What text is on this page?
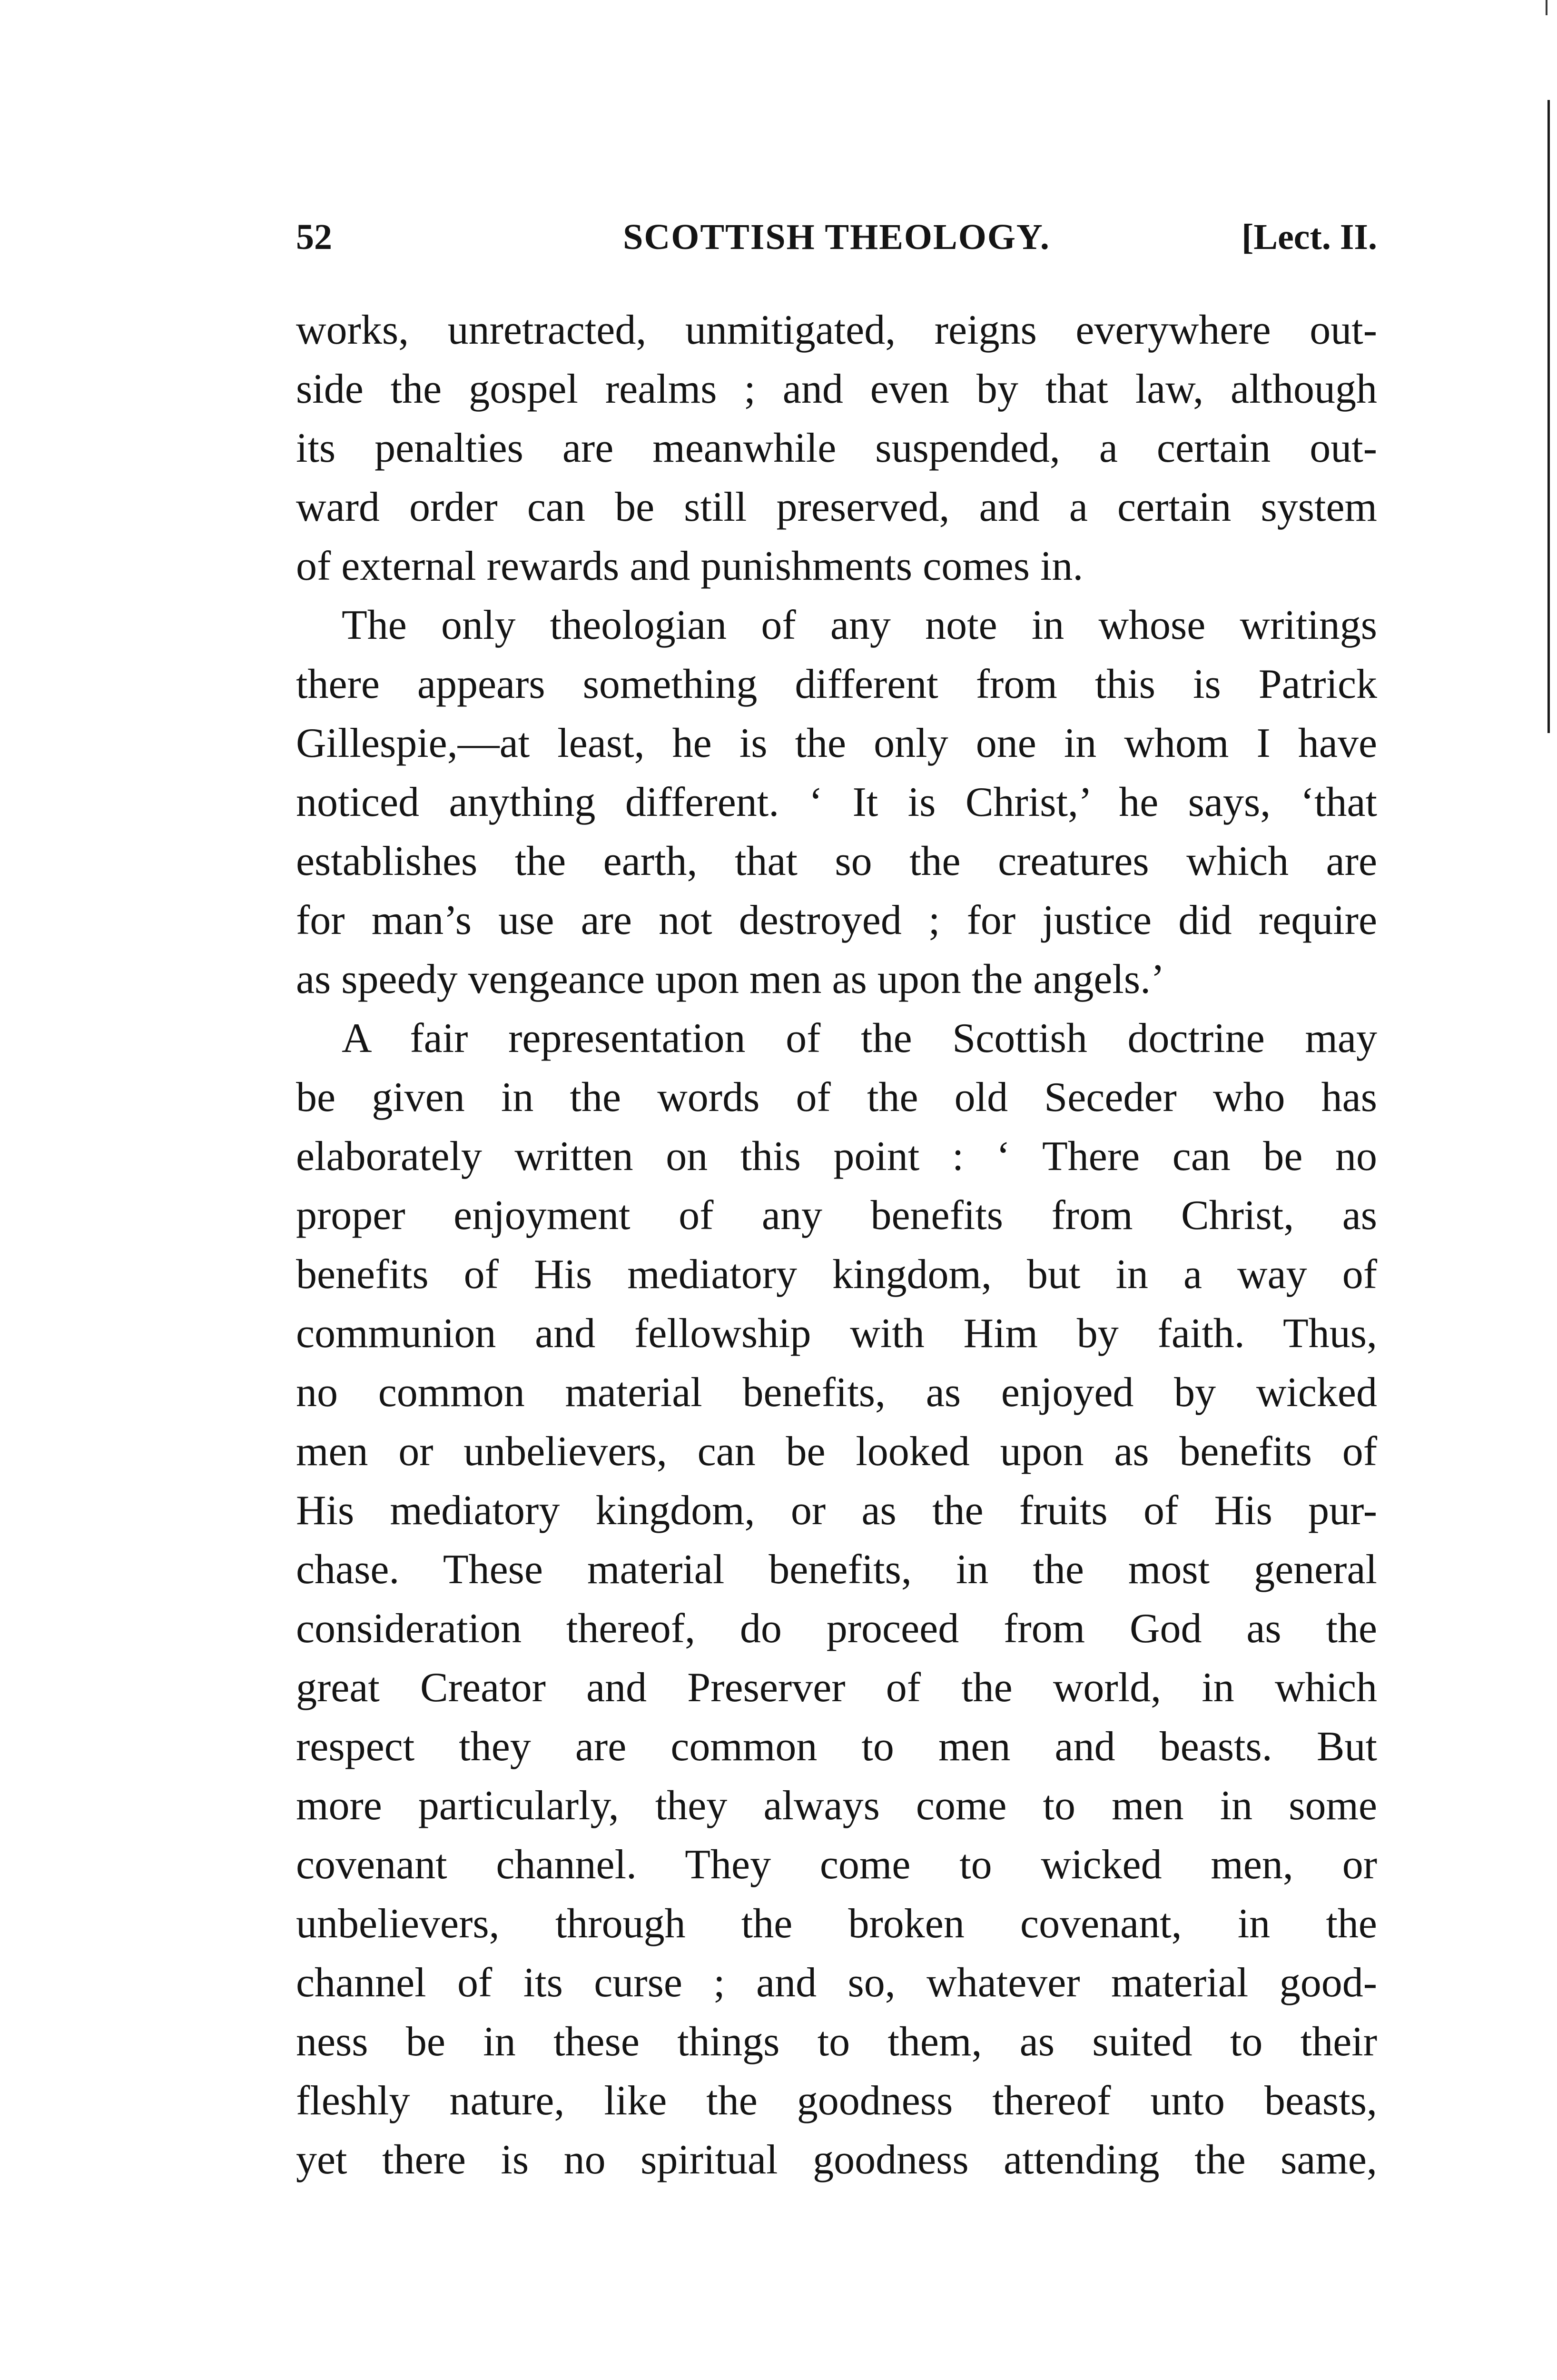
52	SCOTTISH THEOLOGY.	[Lect. II.
works, unretracted, unmitigated, reigns everywhere out-
side the gospel realms ; and even by that law, although
its penalties are meanwhile suspended, a certain out-
ward order can be still preserved, and a certain system
of external rewards and punishments comes in.
The only theologian of any note in whose writings
there appears something different from this is Patrick
Gillespie,—at least, he is the only one in whom I have
noticed anything different. ‘ It is Christ,’ he says, ‘that
establishes the earth, that so the creatures which are
for man’s use are not destroyed ; for justice did require
as speedy vengeance upon men as upon the angels.’
A fair representation of the Scottish doctrine may
be given in the words of the old Seceder who has
elaborately written on this point : ‘ There can be no
proper enjoyment of any benefits from Christ, as
benefits of His mediatory kingdom, but in a way of
communion and fellowship with Him by faith. Thus,
no common material benefits, as enjoyed by wicked
men or unbelievers, can be looked upon as benefits of
His mediatory kingdom, or as the fruits of His pur-
chase. These material benefits, in the most general
consideration thereof, do proceed from God as the
great Creator and Preserver of the world, in which
respect they are common to men and beasts. But
more particularly, they always come to men in some
covenant channel. They come to wicked men, or
unbelievers, through the broken covenant, in the
channel of its curse ; and so, whatever material good-
ness be in these things to them, as suited to their
fleshly nature, like the goodness thereof unto beasts,
yet there is no spiritual goodness attending the same,
